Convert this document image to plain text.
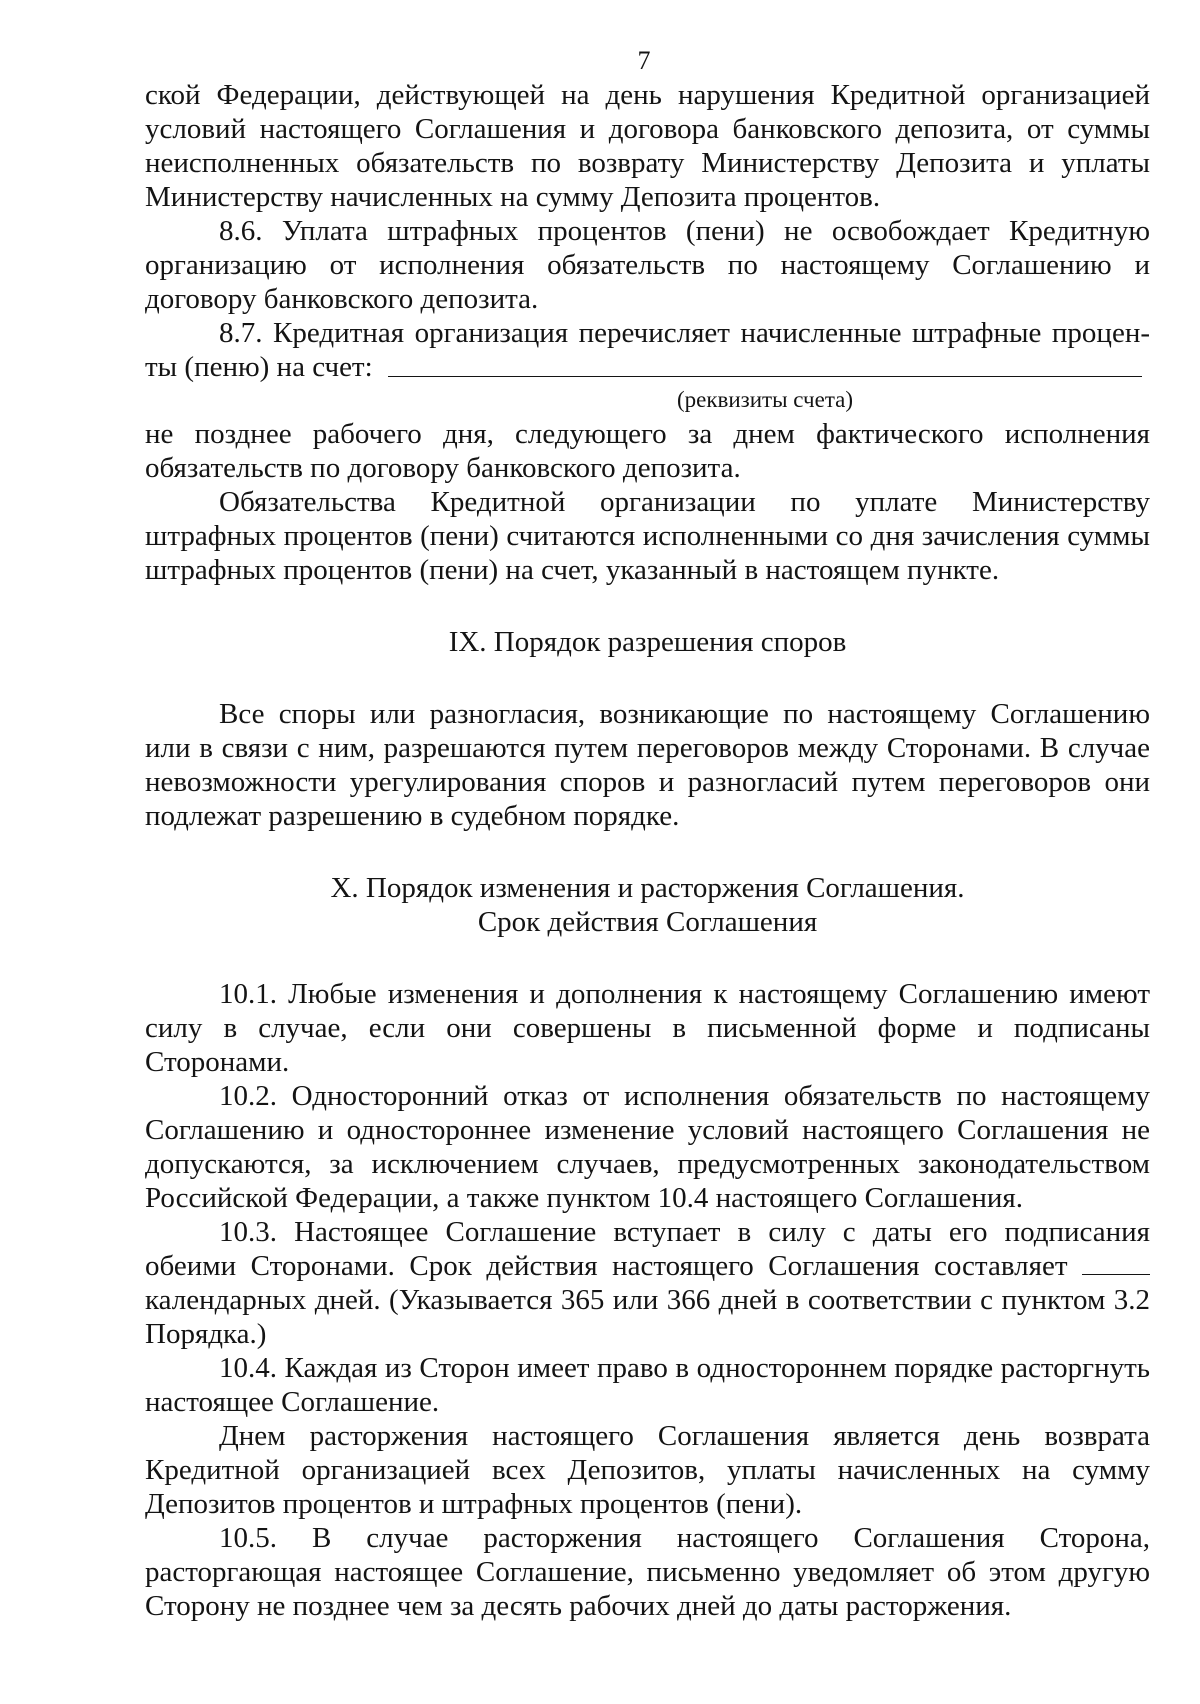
7

ской Федерации, действующей на день нарушения Кредитной организацией условий настоящего Соглашения и договора банковского депозита, от суммы неисполненных обязательств по возврату Министерству Депозита и уплаты Министерству начисленных на сумму Депозита процентов.

8.6. Уплата штрафных процентов (пени) не освобождает Кредитную организацию от исполнения обязательств по настоящему Соглашению и договору банковского депозита.

8.7. Кредитная организация перечисляет начисленные штрафные процен-

ты (пеню) на счет:
(реквизиты счета)

не позднее рабочего дня, следующего за днем фактического исполнения обязательств по договору банковского депозита.

Обязательства Кредитной организации по уплате Министерству штрафных процентов (пени) считаются исполненными со дня зачисления суммы штрафных процентов (пени) на счет, указанный в настоящем пункте.

IX. Порядок разрешения споров

Все споры или разногласия, возникающие по настоящему Соглашению или в связи с ним, разрешаются путем переговоров между Сторонами. В случае невозможности урегулирования споров и разногласий путем переговоров они подлежат разрешению в судебном порядке.

X. Порядок изменения и расторжения Соглашения.

Срок действия Соглашения

10.1. Любые изменения и дополнения к настоящему Соглашению имеют силу в случае, если они совершены в письменной форме и подписаны Сторонами.

10.2. Односторонний отказ от исполнения обязательств по настоящему Соглашению и одностороннее изменение условий настоящего Соглашения не допускаются, за исключением случаев, предусмотренных законодательством Российской Федерации, а также пунктом 10.4 настоящего Соглашения.

10.3. Настоящее Соглашение вступает в силу с даты его подписания обеими Сторонами. Срок действия настоящего Соглашения составляет  календарных дней. (Указывается 365 или 366 дней в соответствии с пунктом 3.2 Порядка.)

10.4. Каждая из Сторон имеет право в одностороннем порядке расторгнуть настоящее Соглашение.

Днем расторжения настоящего Соглашения является день возврата Кредитной организацией всех Депозитов, уплаты начисленных на сумму Депозитов процентов и штрафных процентов (пени).

10.5. В случае расторжения настоящего Соглашения Сторона, расторгающая настоящее Соглашение, письменно уведомляет об этом другую Сторону не позднее чем за десять рабочих дней до даты расторжения.
